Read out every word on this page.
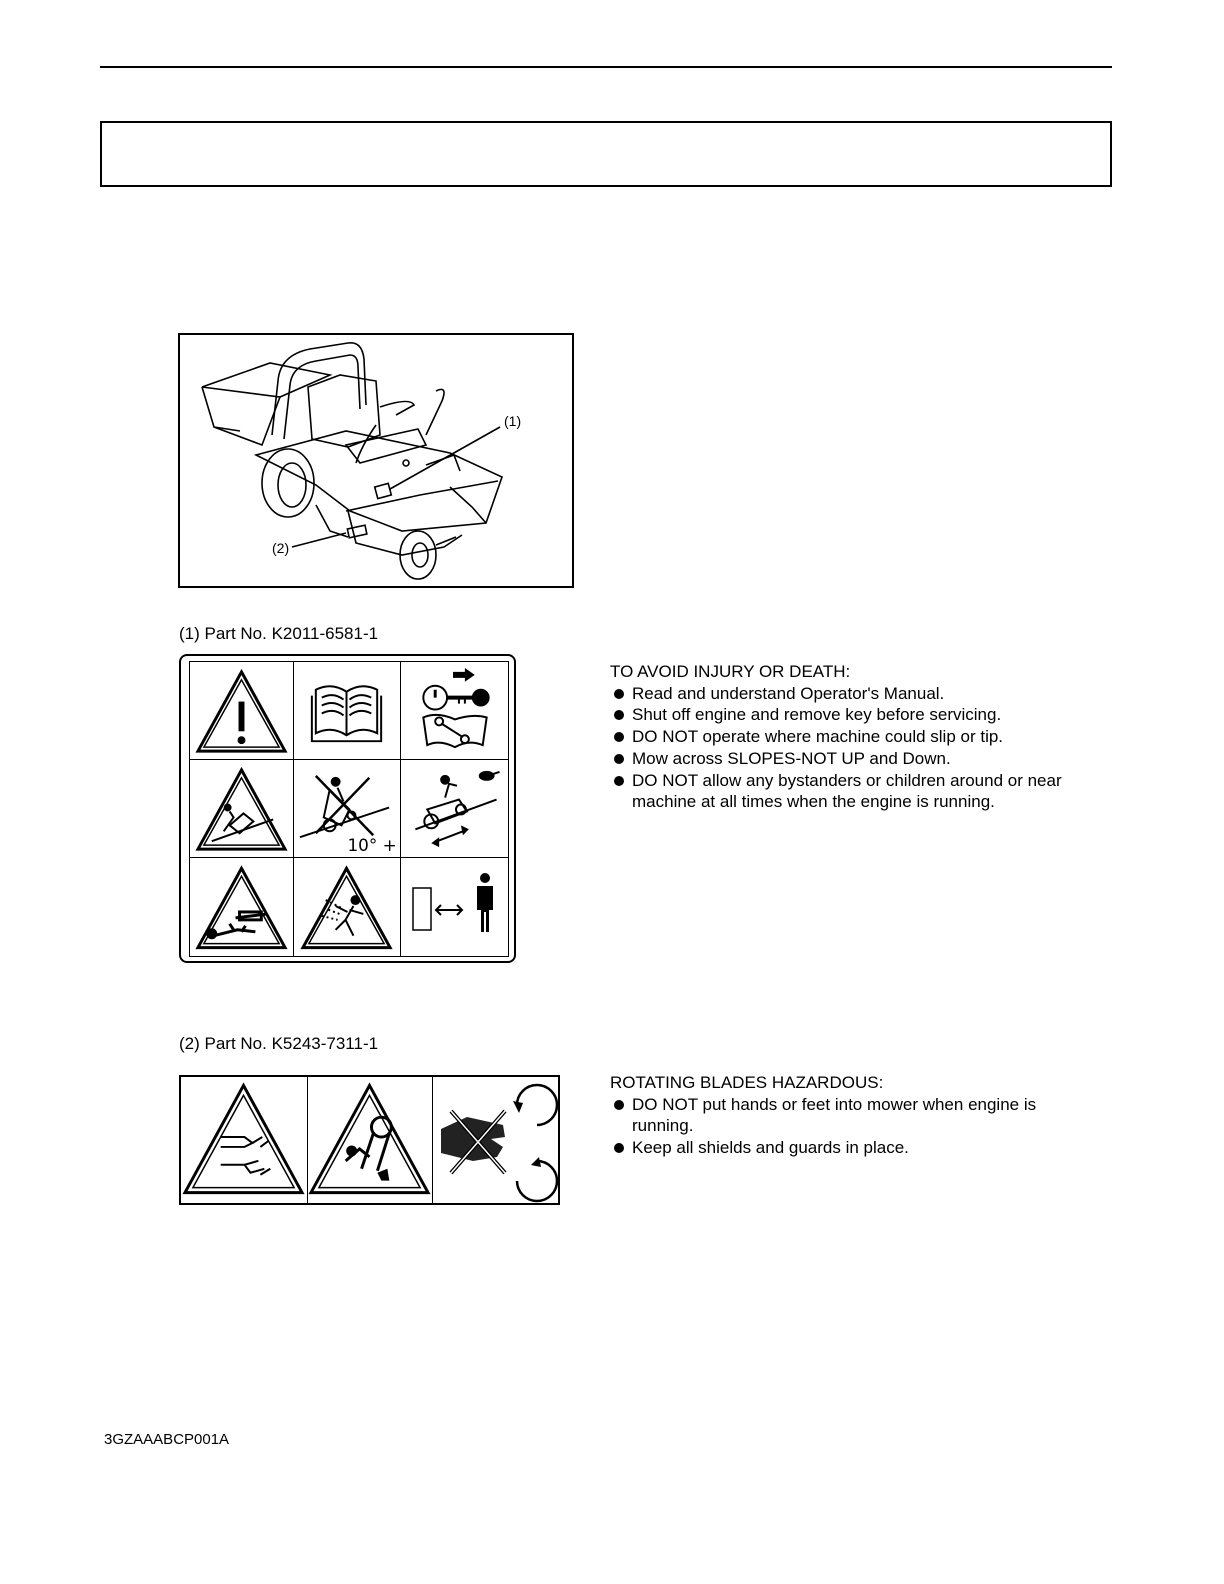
(1)
(2)
(1) Part No. K2011-6581-1
10° +
TO AVOID INJURY OR DEATH:
Read and understand Operator's Manual.
Shut off engine and remove key before servicing.
DO NOT operate where machine could slip or tip.
Mow across SLOPES-NOT UP and Down.
DO NOT allow any bystanders or children around or near machine at all times when the engine is running.
(2) Part No. K5243-7311-1
ROTATING BLADES HAZARDOUS:
DO NOT put hands or feet into mower when engine is running.
Keep all shields and guards in place.
3GZAAABCP001A
